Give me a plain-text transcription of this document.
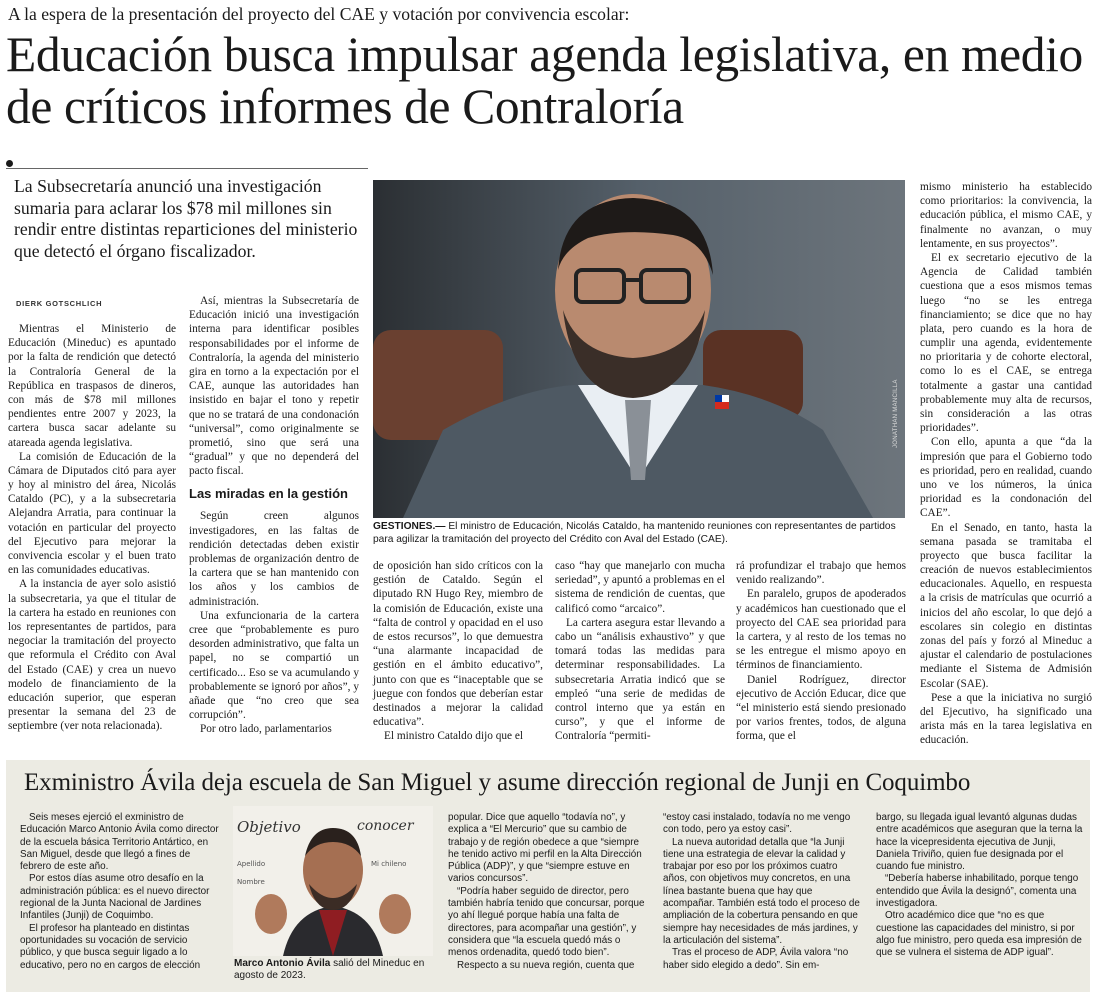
A la espera de la presentación del proyecto del CAE y votación por convivencia escolar:
Educación busca impulsar agenda legislativa, en medio de críticos informes de Contraloría
La Subsecretaría anunció una investigación sumaria para aclarar los $78 mil millones sin rendir entre distintas reparticiones del ministerio que detectó el órgano fiscalizador.
DIERK GOTSCHLICH

Mientras el Ministerio de Educación (Mineduc) es apuntado por la falta de rendición que detectó la Contraloría General de la República en traspasos de dineros, con más de $78 mil millones pendientes entre 2007 y 2023, la cartera busca sacar adelante su atareada agenda legislativa.

La comisión de Educación de la Cámara de Diputados citó para ayer y hoy al ministro del área, Nicolás Cataldo (PC), y a la subsecretaria Alejandra Arratia, para continuar la votación en particular del proyecto del Ejecutivo para mejorar la convivencia escolar y el buen trato en las comunidades educativas.

A la instancia de ayer solo asistió la subsecretaria, ya que el titular de la cartera ha estado en reuniones con los representantes de partidos, para negociar la tramitación del proyecto que reformula el Crédito con Aval del Estado (CAE) y crea un nuevo modelo de financiamiento de la educación superior, que esperan presentar la semana del 23 de septiembre (ver nota relacionada).

Así, mientras la Subsecretaría de Educación inició una investigación interna para identificar posibles responsabilidades por el informe de Contraloría, la agenda del ministerio gira en torno a la expectación por el CAE, aunque las autoridades han insistido en bajar el tono y repetir que no se tratará de una condonación “universal”, como originalmente se prometió, sino que será una “gradual” y que no dependerá del pacto fiscal.

Las miradas en la gestión

Según creen algunos investigadores, en las faltas de rendición detectadas deben existir problemas de organización dentro de la cartera que se han mantenido con los años y los cambios de administración.

Una exfuncionaria de la cartera cree que “probablemente es puro desorden administrativo, que falta un papel, no se compartió un certificado... Eso se va acumulando y probablemente se ignoró por años”, y añade que “no creo que sea corrupción”.

Por otro lado, parlamentarios

JONATHAN MANCILLA
GESTIONES.— El ministro de Educación, Nicolás Cataldo, ha mantenido reuniones con representantes de partidos para agilizar la tramitación del proyecto del Crédito con Aval del Estado (CAE).

de oposición han sido críticos con la gestión de Cataldo. Según el diputado RN Hugo Rey, miembro de la comisión de Educación, existe una “falta de control y opacidad en el uso de estos recursos”, lo que demuestra “una alarmante incapacidad de gestión en el ámbito educativo”, junto con que es “inaceptable que se juegue con fondos que deberían estar destinados a mejorar la calidad educativa”.

El ministro Cataldo dijo que el

caso “hay que manejarlo con mucha seriedad”, y apuntó a problemas en el sistema de rendición de cuentas, que calificó como “arcaico”.

La cartera asegura estar llevando a cabo un “análisis exhaustivo” y que tomará todas las medidas para determinar responsabilidades. La subsecretaria Arratia indicó que se empleó “una serie de medidas de control interno que ya están en curso”, y que el informe de Contraloría “permiti-

rá profundizar el trabajo que hemos venido realizando”.

En paralelo, grupos de apoderados y académicos han cuestionado que el proyecto del CAE sea prioridad para la cartera, y al resto de los temas no se les entregue el mismo apoyo en términos de financiamiento.

Daniel Rodríguez, director ejecutivo de Acción Educar, dice que “el ministerio está siendo presionado por varios frentes, todos, de alguna forma, que el

mismo ministerio ha establecido como prioritarios: la convivencia, la educación pública, el mismo CAE, y finalmente no avanzan, o muy lentamente, en sus proyectos”.

El ex secretario ejecutivo de la Agencia de Calidad también cuestiona que a esos mismos temas luego “no se les entrega financiamiento; se dice que no hay plata, pero cuando es la hora de cumplir una agenda, evidentemente no prioritaria y de cohorte electoral, como lo es el CAE, se entrega totalmente a gastar una cantidad probablemente muy alta de recursos, sin consideración a las otras prioridades”.

Con ello, apunta a que “da la impresión que para el Gobierno todo es prioridad, pero en realidad, cuando uno ve los números, la única prioridad es la condonación del CAE”.

En el Senado, en tanto, hasta la semana pasada se tramitaba el proyecto que busca facilitar la creación de nuevos establecimientos educacionales. Aquello, en respuesta a la crisis de matrículas que ocurrió a inicios del año escolar, lo que dejó a escolares sin colegio en distintas zonas del país y forzó al Mineduc a ajustar el calendario de postulaciones mediante el Sistema de Admisión Escolar (SAE).

Pese a que la iniciativa no surgió del Ejecutivo, ha significado una arista más en la tarea legislativa en educación.

Exministro Ávila deja escuela de San Miguel y asume dirección regional de Junji en Coquimbo

Seis meses ejerció el exministro de Educación Marco Antonio Ávila como director de la escuela básica Territorio Antártico, en San Miguel, desde que llegó a fines de febrero de este año.

Por estos días asume otro desafío en la administración pública: es el nuevo director regional de la Junta Nacional de Jardines Infantiles (Junji) de Coquimbo.

El profesor ha planteado en distintas oportunidades su vocación de servicio público, y que busca seguir ligado a lo educativo, pero no en cargos de elección

Objetivo	conocer
Apellido
Nombre
Mi chileno
Marco Antonio Ávila salió del Mineduc en agosto de 2023.

popular. Dice que aquello “todavía no”, y explica a “El Mercurio” que su cambio de trabajo y de región obedece a que “siempre he tenido activo mi perfil en la Alta Dirección Pública (ADP)”, y que “siempre estuve en varios concursos”.

“Podría haber seguido de director, pero también habría tenido que concursar, porque yo ahí llegué porque había una falta de directores, para acompañar una gestión”, y considera que “la escuela quedó más o menos ordenadita, quedó todo bien”.

Respecto a su nueva región, cuenta que

“estoy casi instalado, todavía no me vengo con todo, pero ya estoy casi”.

La nueva autoridad detalla que “la Junji tiene una estrategia de elevar la calidad y trabajar por eso por los próximos cuatro años, con objetivos muy concretos, en una línea bastante buena que hay que acompañar. También está todo el proceso de ampliación de la cobertura pensando en que siempre hay necesidades de más jardines, y la articulación del sistema”.

Tras el proceso de ADP, Ávila valora “no haber sido elegido a dedo”. Sin em-

bargo, su llegada igual levantó algunas dudas entre académicos que aseguran que la terna la hace la vicepresidenta ejecutiva de Junji, Daniela Triviño, quien fue designada por el cuando fue ministro.

“Debería haberse inhabilitado, porque tengo entendido que Ávila la designó”, comenta una investigadora.

Otro académico dice que “no es que cuestione las capacidades del ministro, si por algo fue ministro, pero queda esa impresión de que se vulnera el sistema de ADP igual”.
